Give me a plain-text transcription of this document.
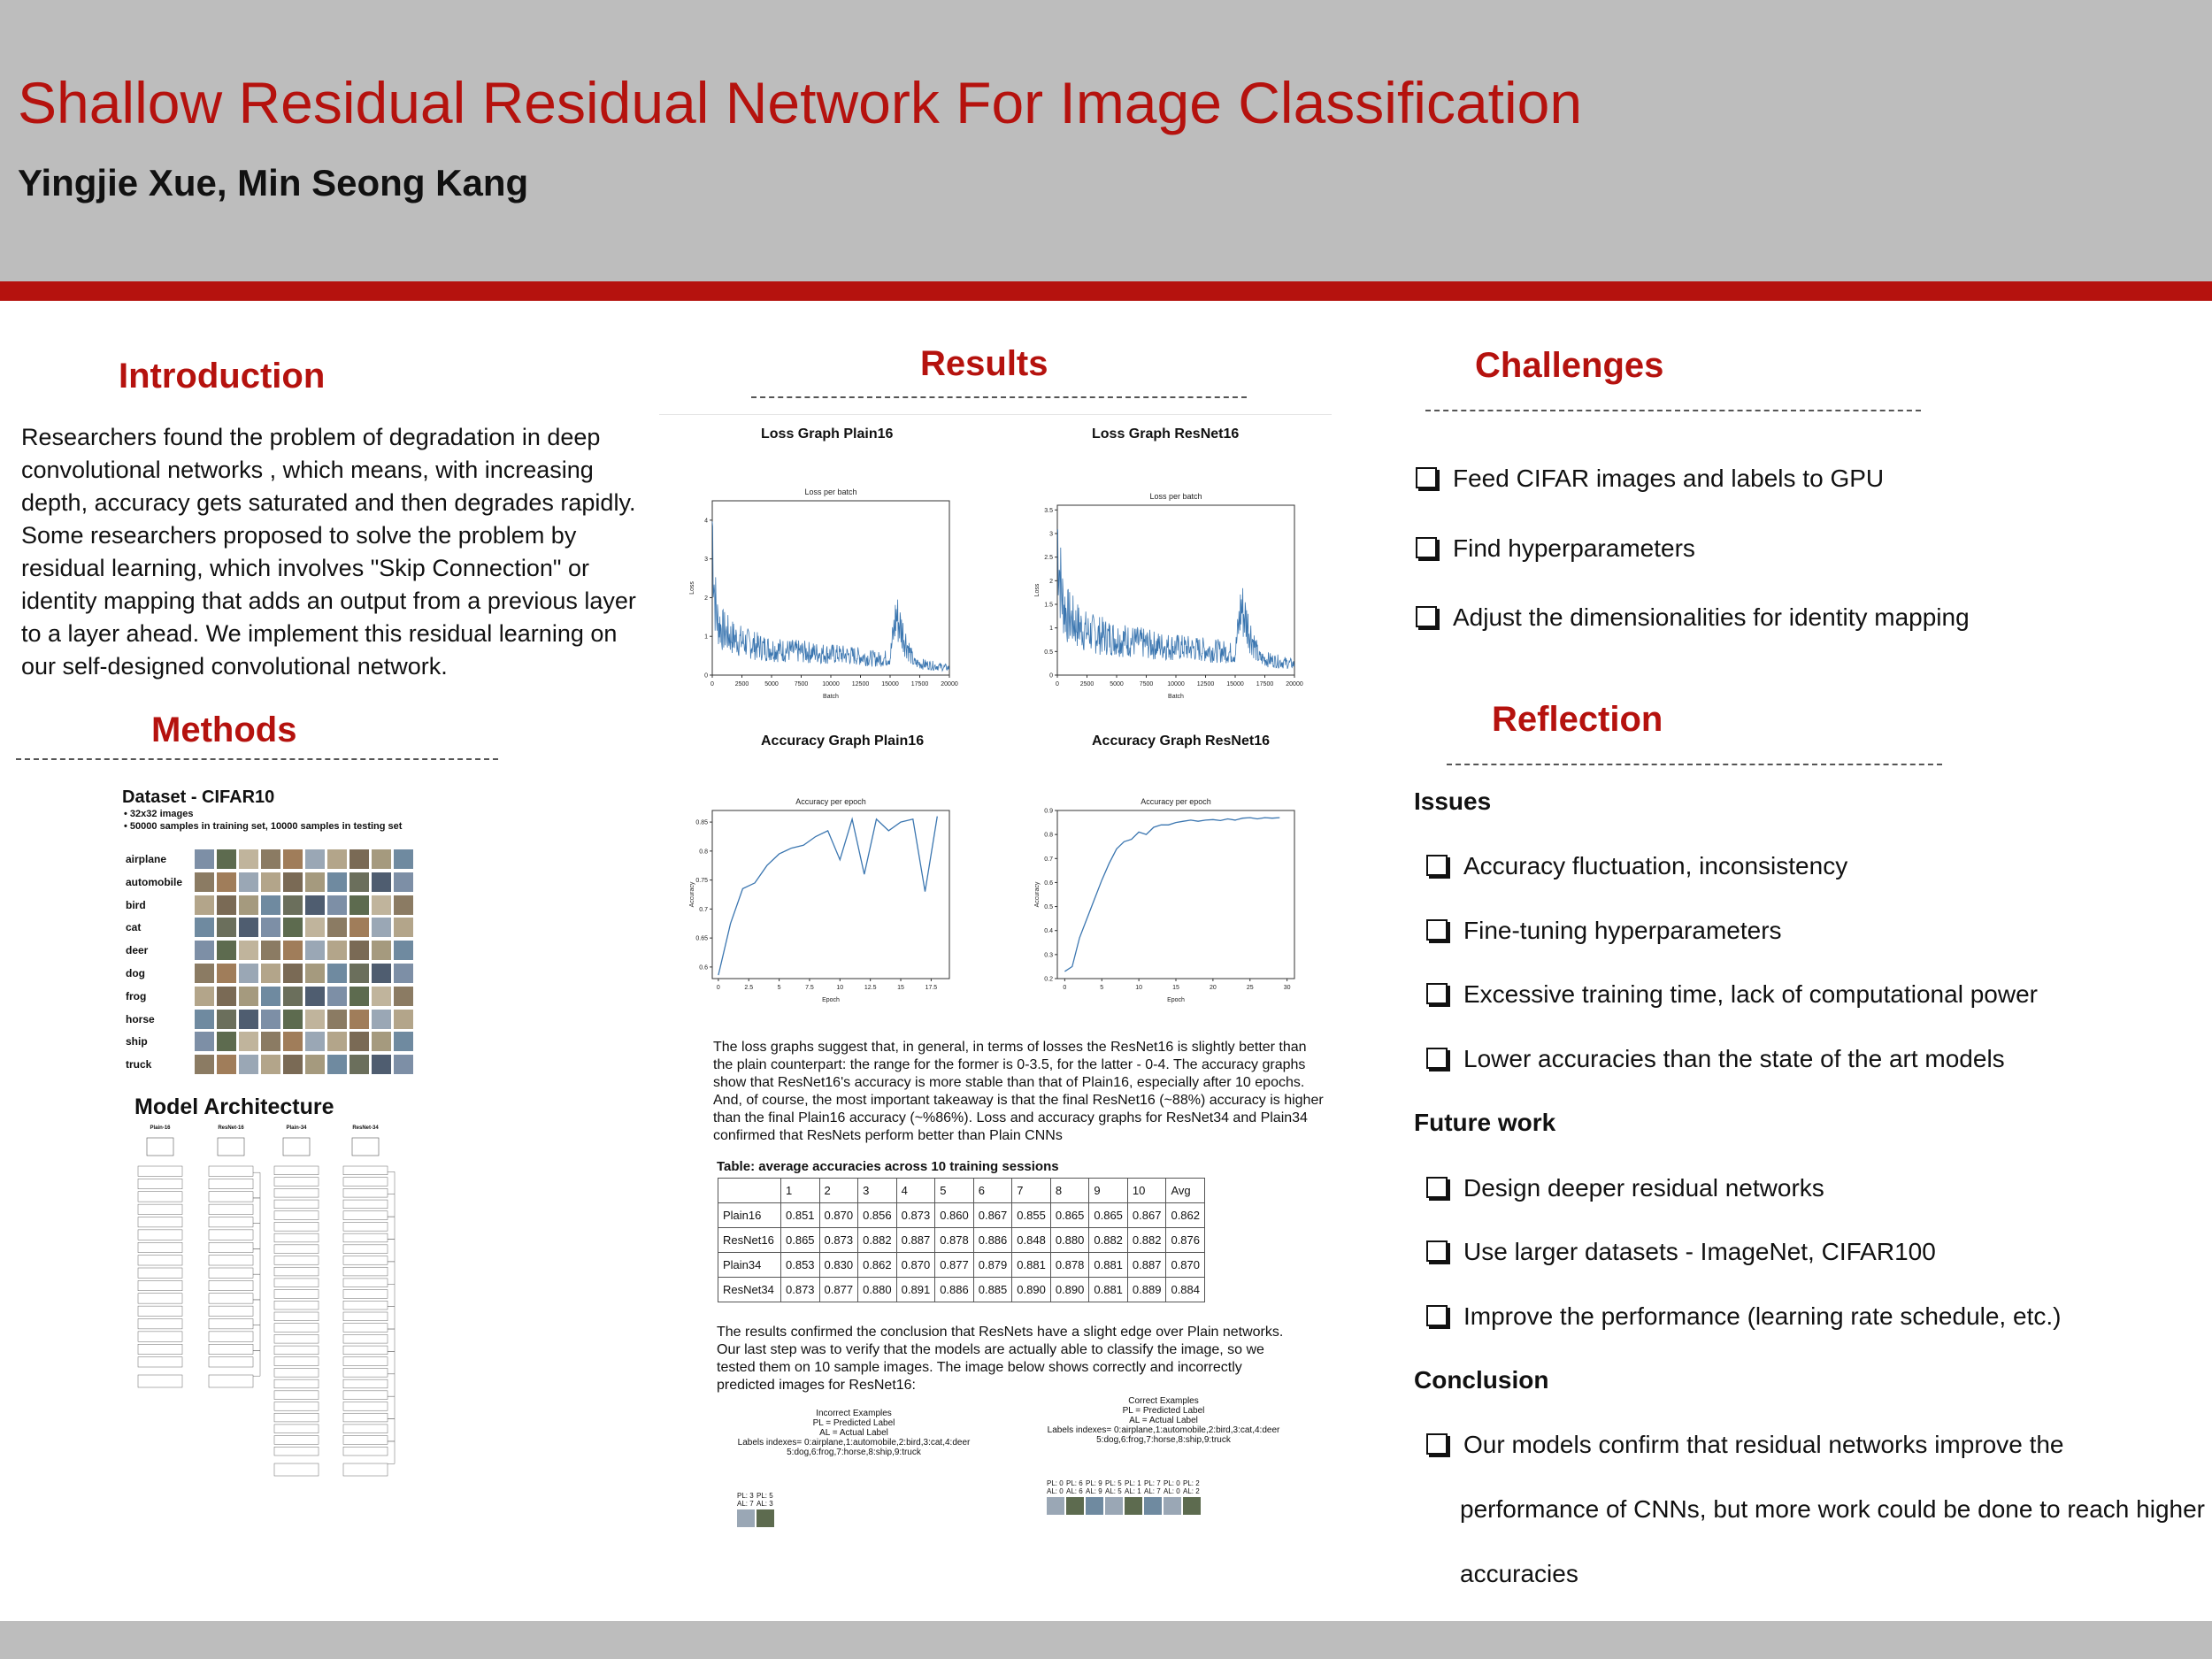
Shallow Residual Residual Network For Image Classification
Yingjie Xue, Min Seong Kang
Introduction
Researchers found the problem of degradation in deep convolutional networks , which means, with increasing depth, accuracy gets saturated and then degrades rapidly. Some researchers proposed to solve the problem by residual learning, which involves "Skip Connection" or identity mapping that adds an output from a previous layer to a layer ahead. We implement this residual learning on our self-designed convolutional network.
Methods
Dataset - CIFAR10
• 32x32 images
• 50000 samples in training set, 10000 samples in testing set
airplane
automobile
bird
cat
deer
dog
frog
horse
ship
truck
Model Architecture
Plain-16	ResNet-16	Plain-34	ResNet-34
Results
Loss Graph Plain16	Loss Graph ResNet16
Accuracy Graph Plain16	Accuracy Graph ResNet16
Loss per batch
0	2500	5000	7500 10000 12500 15000 17500 20000
0
1
2
3
4
Batch
Loss
Loss per batch
0	2500	5000	7500 10000 12500 15000 17500 20000
0
0.5
1
1.5
2
2.5
3
3.5
Batch
Loss
Accuracy per epoch
0	2.5	5	7.5	10	12.5	15	17.5
0.6
0.65
0.7
0.75
0.8
0.85
Epoch
Accuracy
Accuracy per epoch
0	5	10	15	20	25	30
0.2
0.3
0.4
0.5
0.6
0.7
0.8
0.9
Epoch
Accuracy
The loss graphs suggest that, in general, in terms of losses the ResNet16 is slightly better than the plain counterpart: the range for the former is 0-3.5, for the latter - 0-4. The accuracy graphs show that ResNet16's accuracy is more stable than that of Plain16, especially after 10 epochs. And, of course, the most important takeaway is that the final ResNet16 (~88%) accuracy is higher than the final Plain16 accuracy (~%86%). Loss and accuracy graphs for ResNet34 and Plain34 confirmed that ResNets perform better than Plain CNNs
Table: average accuracies across 10 training sessions
	1	2	3	4	5	6	7	8	9	10	Avg
Plain16	0.851	0.870	0.856	0.873	0.860	0.867	0.855	0.865	0.865	0.867	0.862
ResNet16	0.865	0.873	0.882	0.887	0.878	0.886	0.848	0.880	0.882	0.882	0.876
Plain34	0.853	0.830	0.862	0.870	0.877	0.879	0.881	0.878	0.881	0.887	0.870
ResNet34	0.873	0.877	0.880	0.891	0.886	0.885	0.890	0.890	0.881	0.889	0.884
The results confirmed the conclusion that ResNets have a slight edge over Plain networks. Our last step was to verify that the models are actually able to classify the image, so we tested them on 10 sample images. The image below shows correctly and incorrectly predicted images for ResNet16:
Incorrect Examples
PL = Predicted Label
AL = Actual Label
Labels indexes= 0:airplane,1:automobile,2:bird,3:cat,4:deer
5:dog,6:frog,7:horse,8:ship,9:truck
Correct Examples
PL = Predicted Label
AL = Actual Label
Labels indexes= 0:airplane,1:automobile,2:bird,3:cat,4:deer
5:dog,6:frog,7:horse,8:ship,9:truck
PL: 3
AL: 7
PL: 5
AL: 3
PL: 0
AL: 0
PL: 6
AL: 6
PL: 9
AL: 9
PL: 5
AL: 5
PL: 1
AL: 1
PL: 7
AL: 7
PL: 0
AL: 0
PL: 2
AL: 2
Challenges
Feed CIFAR images and labels to GPU
Find hyperparameters
Adjust the dimensionalities for identity mapping
Reflection
Issues
Accuracy fluctuation, inconsistency
Fine-tuning hyperparameters
Excessive training time, lack of computational power
Lower accuracies than the state of the art models
Future work
Design deeper residual networks
Use larger datasets - ImageNet, CIFAR100
Improve the performance (learning rate schedule, etc.)
Conclusion
Our models confirm that residual networks improve the
performance of CNNs, but more work could be done to reach higher
accuracies
